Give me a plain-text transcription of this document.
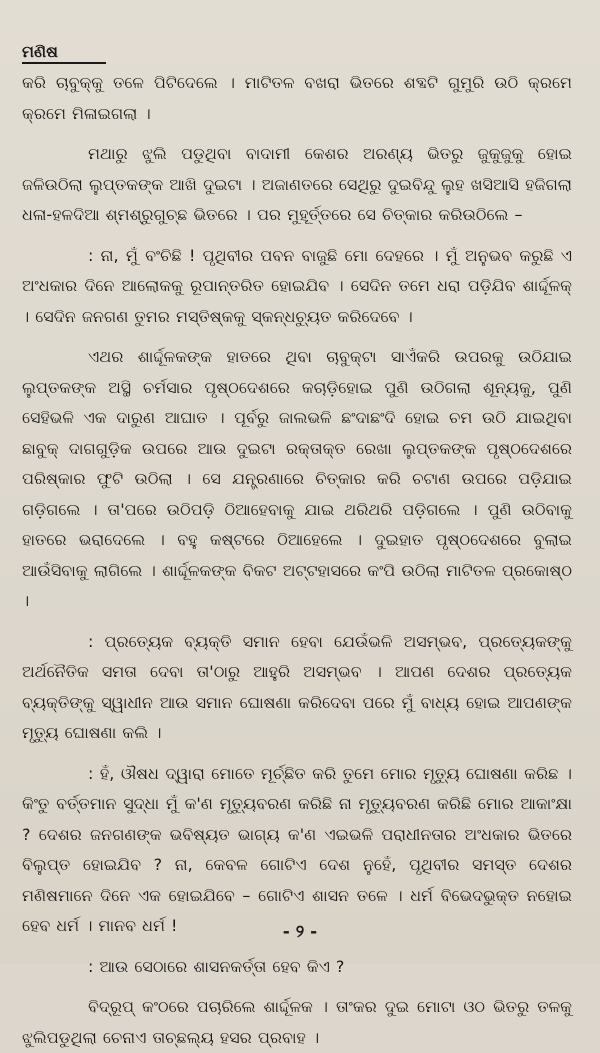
ମଣିଷ

କରି ଚାବୁକ୍‌କୁ ତଳେ ପିଟିଦେଲେ । ମାଟିତଳ ବଖରା ଭିତରେ ଶବ୍ଦଟି ଗୁମୁରି ଉଠି କ୍ରମେ କ୍ରମେ ମିଳାଇଗଲା ।

ମଥାରୁ ଝୁଲି ପଡୁଥିବା ବାଦାମୀ କେଶର ଅରଣ୍ୟ ଭିତରୁ ଜୁକୁଜୁକୁ ହୋଇ ଜଳିଉଠିଲା ଲୁପ୍ତକଙ୍କ ଆଖି ଦୁଇଟା । ଅଜାଣତରେ ସେଥିରୁ ଦୁଇବିନ୍ଦୁ ଲୁହ ଖସିଆସି ହଜିଗଲା ଧଳା-ହଳଦିଆ ଶ୍ମଶ୍ରୁଗୁଚ୍ଛ ଭିତରେ । ପର ମୁହୂର୍ତ୍ତରେ ସେ ଚିତ୍କାର କରିଉଠିଲେ –

: ନା, ମୁଁ ବଂଚିଛି ! ପୃଥିବୀର ପବନ ବାଜୁଛି ମୋ ଦେହରେ । ମୁଁ ଅନୁଭବ କରୁଛି ଏ ଅଂଧକାର ଦିନେ ଆଲୋକକୁ ରୂପାନ୍ତରିତ ହୋଇଯିବ । ସେଦିନ ତମେ ଧରା ପଡ଼ିଯିବ ଶାର୍ଦ୍ଦୂଳକ୍ । ସେଦିନ ଜନଗଣ ତୁମର ମସ୍ତିଷ୍କକୁ ସ୍କନ୍ଧଚ୍ୟୁତ କରିଦେବେ ।

ଏଥର ଶାର୍ଦ୍ଦୂଳକଙ୍କ ହାତରେ ଥିବା ଚାବୁକ୍‌ଟା ସାଏଁକରି ଉପରକୁ ଉଠିଯାଇ ଲୁପ୍ତକଙ୍କ ଅସ୍ଥି ଚର୍ମସାର ପୃଷ୍ଠଦେଶରେ କଚାଡ଼ିହୋଇ ପୁଣି ଉଠିଗଲା ଶୂନ୍ୟକୁ, ପୁଣି ସେହିଭଳି ଏକ ଦାରୁଣ ଆଘାତ । ପୂର୍ବରୁ ଜାଲଭଳି ଛଂଦାଛଂଦି ହୋଇ ଚମ ଉଠି ଯାଇଥିବା ଛାବୁକ୍ ଦାଗଗୁଡ଼ିକ ଉପରେ ଆଉ ଦୁଇଟା ରକ୍ତାକ୍ତ ରେଖା ଲୁପ୍ତକଙ୍କ ପୃଷ୍ଠଦେଶରେ ପରିଷ୍କାର ଫୁଟି ଉଠିଲା । ସେ ଯନ୍ତ୍ରଣାରେ ଚିତ୍କାର କରି ଚଟାଣ ଉପରେ ପଡ଼ିଯାଇ ଗଡ଼ିଗଲେ । ତା'ପରେ ଉଠିପଡ଼ି ଠିଆହେବାକୁ ଯାଇ ଥରିଥରି ପଡ଼ିଗଲେ । ପୁଣି ଉଠିବାକୁ ହାତରେ ଭରାଦେଲେ । ବହୁ କଷ୍ଟରେ ଠିଆହେଲେ । ଦୁଇହାତ ପୃଷ୍ଠଦେଶରେ ବୁଲାଇ ଆଉଁସିବାକୁ ଲାଗିଲେ । ଶାର୍ଦ୍ଦୂଳକଙ୍କ ବିକଟ ଅଟ୍ଟହାସରେ କଂପି ଉଠିଲା ମାଟିତଳ ପ୍ରକୋଷ୍ଠ ।

: ପ୍ରତ୍ୟେକ ବ୍ୟକ୍ତି ସମାନ ହେବା ଯେଉଁଭଳି ଅସମ୍ଭବ, ପ୍ରତ୍ୟେକଙ୍କୁ ଅର୍ଥନୈତିକ ସମତା ଦେବା ତା'ଠାରୁ ଆହୁରି ଅସମ୍ଭବ । ଆପଣ ଦେଶର ପ୍ରତ୍ୟେକ ବ୍ୟକ୍ତିଙ୍କୁ ସ୍ୱାଧୀନ ଆଉ ସମାନ ଘୋଷଣା କରିଦେବା ପରେ ମୁଁ ବାଧ୍ୟ ହୋଇ ଆପଣଙ୍କ ମୃତ୍ୟୁ ଘୋଷଣା କଲି ।

: ହଁ, ଔଷଧ ଦ୍ୱାରା ମୋତେ ମୂର୍ଚ୍ଛିତ କରି ତୁମେ ମୋର ମୃତ୍ୟୁ ଘୋଷଣା କରିଛ । କିଂତୁ ବର୍ତ୍ତମାନ ସୁଦ୍ଧା ମୁଁ କ'ଣ ମୃତ୍ୟୁବରଣ କରିଛି ନା ମୃତ୍ୟୁବରଣ କରିଛି ମୋର ଆକାଂକ୍ଷା ? ଦେଶର ଜନଗଣଙ୍କ ଭବିଷ୍ୟତ ଭାଗ୍ୟ କ'ଣ ଏଇଭଳି ପରାଧୀନତାର ଅଂଧକାର ଭିତରେ ବିଲୁପ୍ତ ହୋଇଯିବ ? ନା, କେବଳ ଗୋଟିଏ ଦେଶ ନୁହେଁ, ପୃଥିବୀର ସମସ୍ତ ଦେଶର ମଣିଷମାନେ ଦିନେ ଏକ ହୋଇଯିବେ – ଗୋଟିଏ ଶାସନ ତଳେ । ଧର୍ମ ବିଭେଦଭୁକ୍ତ ନହୋଇ ହେବ ଧର୍ମ । ମାନବ ଧର୍ମ !

: ଆଉ ସେଠାରେ ଶାସନକର୍ତ୍ତା ହେବ କିଏ ?

ବିଦ୍ରୂପ୍ କଂଠରେ ପଚାରିଲେ ଶାର୍ଦ୍ଦୂଳକ । ତାଂକର ଦୁଇ ମୋଟା ଓଠ ଭିତରୁ ତଳକୁ ଝୁଲିପଡୁଥିଲା ଚେନାଏ ତାଚ୍ଛଲ୍ୟ ହସର ପ୍ରବାହ ।

- ୨ -
